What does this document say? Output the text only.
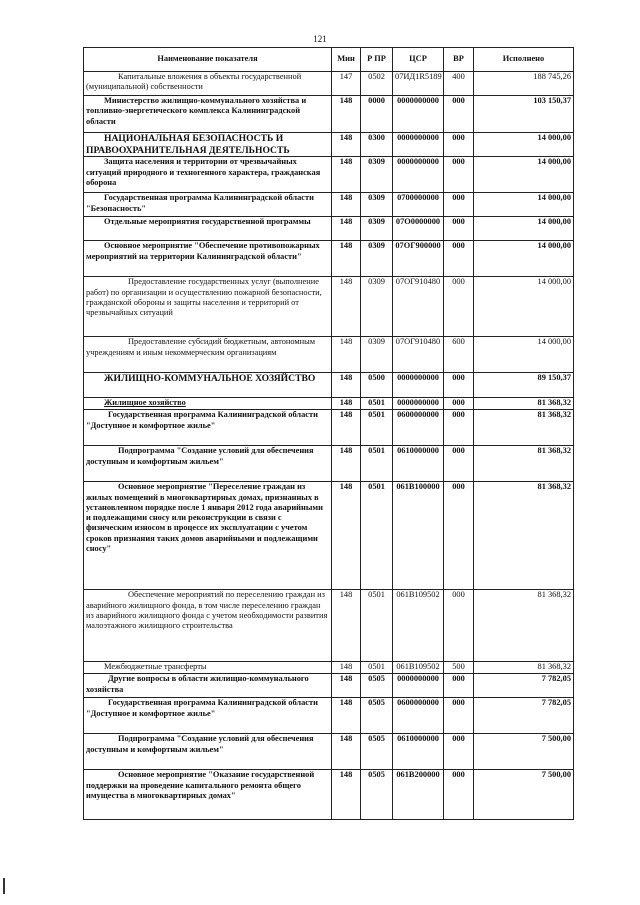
121
Наименование показателя	Мин	Р ПР	ЦСР	ВР	Исполнено
Капитальные вложения в объекты государственной (муниципальной) собственности	147	0502	07ИД1R5189	400	188 745,26
Министерство жилищно-коммунального хозяйства и топливно-энергетического комплекса Калининградской области	148	0000	0000000000	000	103 150,37
НАЦИОНАЛЬНАЯ БЕЗОПАСНОСТЬ И ПРАВООХРАНИТЕЛЬНАЯ ДЕЯТЕЛЬНОСТЬ	148	0300	0000000000	000	14 000,00
Защита населения и территории от чрезвычайных ситуаций природного и техногенного характера, гражданская оборона	148	0309	0000000000	000	14 000,00
Государственная программа Калининградской области "Безопасность"	148	0309	0700000000	000	14 000,00
Отдельные мероприятия государственной программы	148	0309	07O0000000	000	14 000,00
Основное мероприятие "Обеспечение противопожарных мероприятий на территории Калининградской области"	148	0309	07OГ900000	000	14 000,00
Предоставление государственных услуг (выполнение работ) по организации и осуществлению пожарной безопасности, гражданской обороны и защиты населения и территорий от чрезвычайных ситуаций	148	0309	07OГ910480	000	14 000,00
Предоставление субсидий бюджетным, автономным учреждениям и иным некоммерческим организациям	148	0309	07OГ910480	600	14 000,00
ЖИЛИЩНО-КОММУНАЛЬНОЕ ХОЗЯЙСТВО	148	0500	0000000000	000	89 150,37
Жилищное хозяйство	148	0501	0000000000	000	81 368,32
Государственная программа Калининградской области "Доступное и комфортное жилье"	148	0501	0600000000	000	81 368,32
Подпрограмма "Создание условий для обеспечения доступным и комфортным жильем"	148	0501	0610000000	000	81 368,32
Основное мероприятие "Переселение граждан из жилых помещений в многоквартирных домах, признанных в установленном порядке после 1 января 2012 года аварийными и подлежащими сносу или реконструкции в связи с физическим износом в процессе их эксплуатации с учетом сроков признания таких домов аварийными и подлежащими сносу"	148	0501	061B100000	000	81 368,32
Обеспечение мероприятий по переселению граждан из аварийного жилищного фонда, в том числе переселению граждан из аварийного жилищного фонда с учетом необходимости развития малоэтажного жилищного строительства	148	0501	061B109502	000	81 368,32
Межбюджетные трансферты	148	0501	061B109502	500	81 368,32
Другие вопросы в области жилищно-коммунального хозяйства	148	0505	0000000000	000	7 782,05
Государственная программа Калининградской области "Доступное и комфортное жилье"	148	0505	0600000000	000	7 782,05
Подпрограмма "Создание условий для обеспечения доступным и комфортным жильем"	148	0505	0610000000	000	7 500,00
Основное мероприятие "Оказание государственной поддержки на проведение капитального ремонта общего имущества в многоквартирных домах"	148	0505	061B200000	000	7 500,00
